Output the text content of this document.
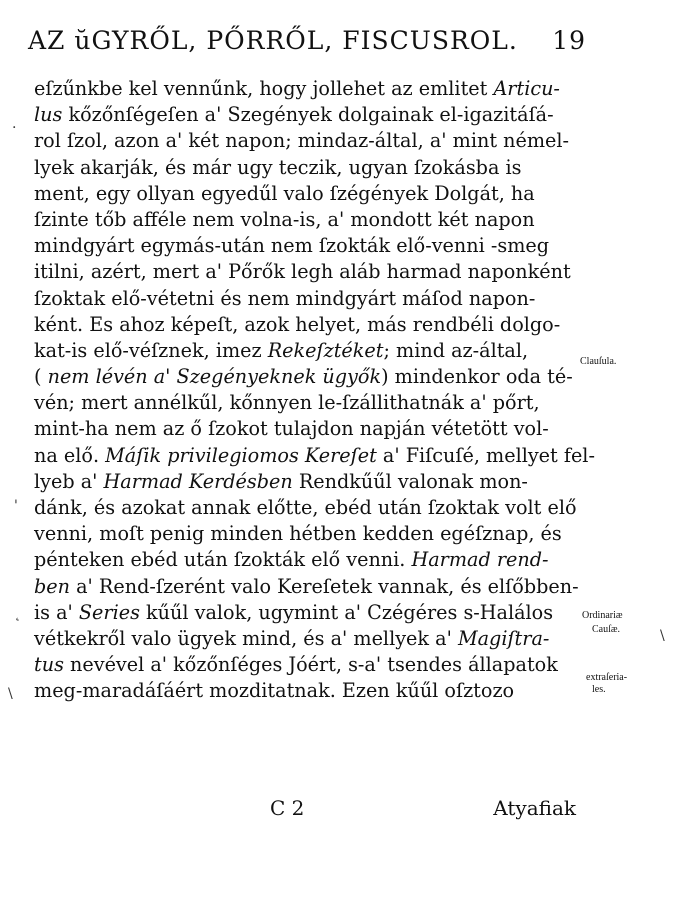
AZ ŭGYRŐL, PŐRRŐL, FISCUSROL. 19
eſzűnkbe kel vennűnk, hogy jollehet az emlitet Articu-
lus kőzőnſégeſen a' Szegények dolgainak el-igazitáſá-
rol ſzol, azon a' két napon; mindaz-által, a' mint némel-
lyek akarják, és már ugy teczik, ugyan ſzokásba is
ment, egy ollyan egyedűl valo ſzégények Dolgát, ha
ſzinte tőb afféle nem volna-is, a' mondott két napon
mindgyárt egymás-után nem ſzokták elő-venni -smeg
itilni, azért, mert a' Pőrők legh aláb harmad naponként
ſzoktak elő-vétetni és nem mindgyárt máſod napon-
ként. Es ahoz képeſt, azok helyet, más rendbéli dolgo-
kat-is elő-véſznek, imez Rekeſztéket; mind az-által,
( nem lévén a' Szegényeknek ügyők) mindenkor oda té-
vén; mert annélkűl, kőnnyen le-ſzállithatnák a' pőrt,
mint-ha nem az ő ſzokot tulajdon napján vétetött vol-
na elő. Máſik privilegiomos Kereſet a' Fiſcuſé, mellyet fel-
lyeb a' Harmad Kerdésben Rendkűűl valonak mon-
dánk, és azokat annak előtte, ebéd után ſzoktak volt elő
venni, moſt penig minden hétben kedden egéſznap, és
pénteken ebéd után ſzokták elő venni. Harmad rend-
ben a' Rend-ſzerént valo Kereſetek vannak, és elſőbben-
is a' Series kűűl valok, ugymint a' Czégéres s-Halálos
vétkekről valo ügyek mind, és a' mellyek a' Magiſtra-
tus nevével a' kőzőnſéges Jóért, s-a' tsendes állapatok
meg-maradáſáért mozditatnak. Ezen kűűl oſztozo
Clauſula.
Ordinariæ
Cauſæ.
extraſeria-
les.
C 2	Atyafiak
.
'
˛
\
\
